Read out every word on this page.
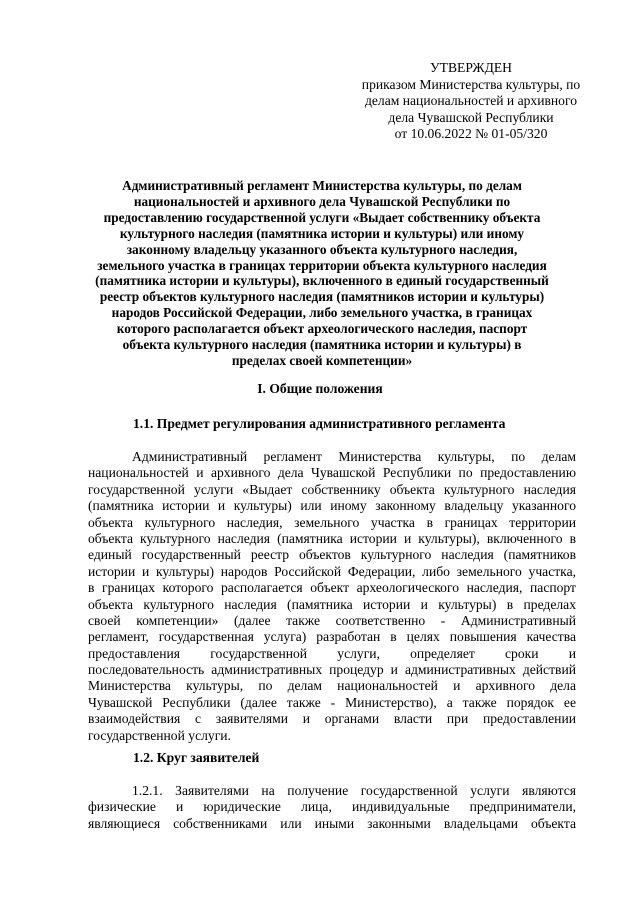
УТВЕРЖДЕН
приказом Министерства культуры, по
делам национальностей и архивного
дела Чувашской Республики
от 10.06.2022 № 01-05/320
Административный регламент Министерства культуры, по делам
национальностей и архивного дела Чувашской Республики по
предоставлению государственной услуги «Выдает собственнику объекта
культурного наследия (памятника истории и культуры) или иному
законному владельцу указанного объекта культурного наследия,
земельного участка в границах территории объекта культурного наследия
(памятника истории и культуры), включенного в единый государственный
реестр объектов культурного наследия (памятников истории и культуры)
народов Российской Федерации, либо земельного участка, в границах
которого располагается объект археологического наследия, паспорт
объекта культурного наследия (памятника истории и культуры) в
пределах своей компетенции»
I. Общие положения
1.1. Предмет регулирования административного регламента
Административный регламент Министерства культуры, по делам
национальностей и архивного дела Чувашской Республики по предоставлению
государственной услуги «Выдает собственнику объекта культурного наследия
(памятника истории и культуры) или иному законному владельцу указанного
объекта культурного наследия, земельного участка в границах территории
объекта культурного наследия (памятника истории и культуры), включенного в
единый государственный реестр объектов культурного наследия (памятников
истории и культуры) народов Российской Федерации, либо земельного участка,
в границах которого располагается объект археологического наследия, паспорт
объекта культурного наследия (памятника истории и культуры) в пределах
своей компетенции» (далее также соответственно - Административный
регламент, государственная услуга) разработан в целях повышения качества
предоставления государственной услуги, определяет сроки и
последовательность административных процедур и административных действий
Министерства культуры, по делам национальностей и архивного дела
Чувашской Республики (далее также - Министерство), а также порядок ее
взаимодействия с заявителями и органами власти при предоставлении
государственной услуги.
1.2. Круг заявителей
1.2.1. Заявителями на получение государственной услуги являются
физические и юридические лица, индивидуальные предприниматели,
являющиеся собственниками или иными законными владельцами объекта
